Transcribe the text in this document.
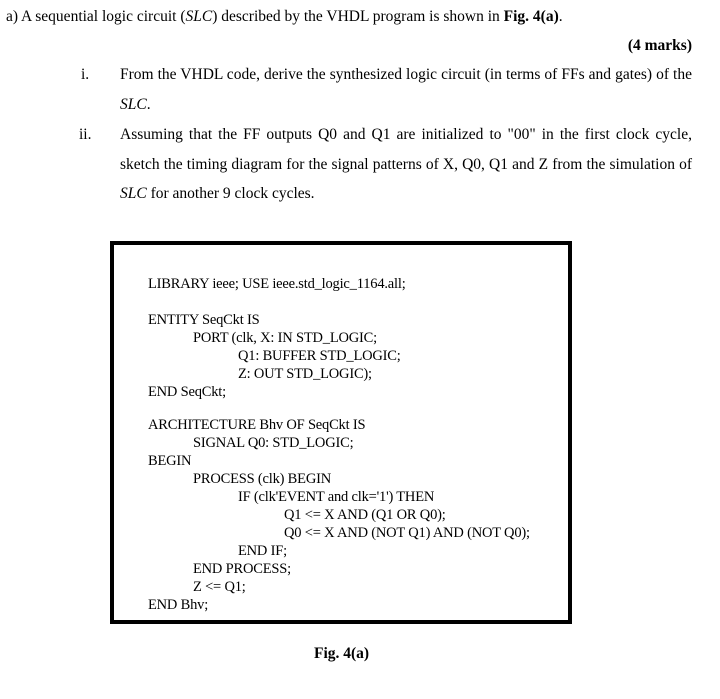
a) A sequential logic circuit (SLC) described by the VHDL program is shown in Fig. 4(a).
(4 marks)
i. From the VHDL code, derive the synthesized logic circuit (in terms of FFs and gates) of the SLC.
ii. Assuming that the FF outputs Q0 and Q1 are initialized to "00" in the first clock cycle, sketch the timing diagram for the signal patterns of X, Q0, Q1 and Z from the simulation of SLC for another 9 clock cycles.
LIBRARY ieee; USE ieee.std_logic_1164.all;
ENTITY SeqCkt IS
PORT (clk, X: IN STD_LOGIC;
Q1: BUFFER STD_LOGIC;
Z: OUT STD_LOGIC);
END SeqCkt;
ARCHITECTURE Bhv OF SeqCkt IS
SIGNAL Q0: STD_LOGIC;
BEGIN
PROCESS (clk) BEGIN
IF (clk'EVENT and clk='1') THEN
Q1 <= X AND (Q1 OR Q0);
Q0 <= X AND (NOT Q1) AND (NOT Q0);
END IF;
END PROCESS;
Z <= Q1;
END Bhv;
Fig. 4(a)
